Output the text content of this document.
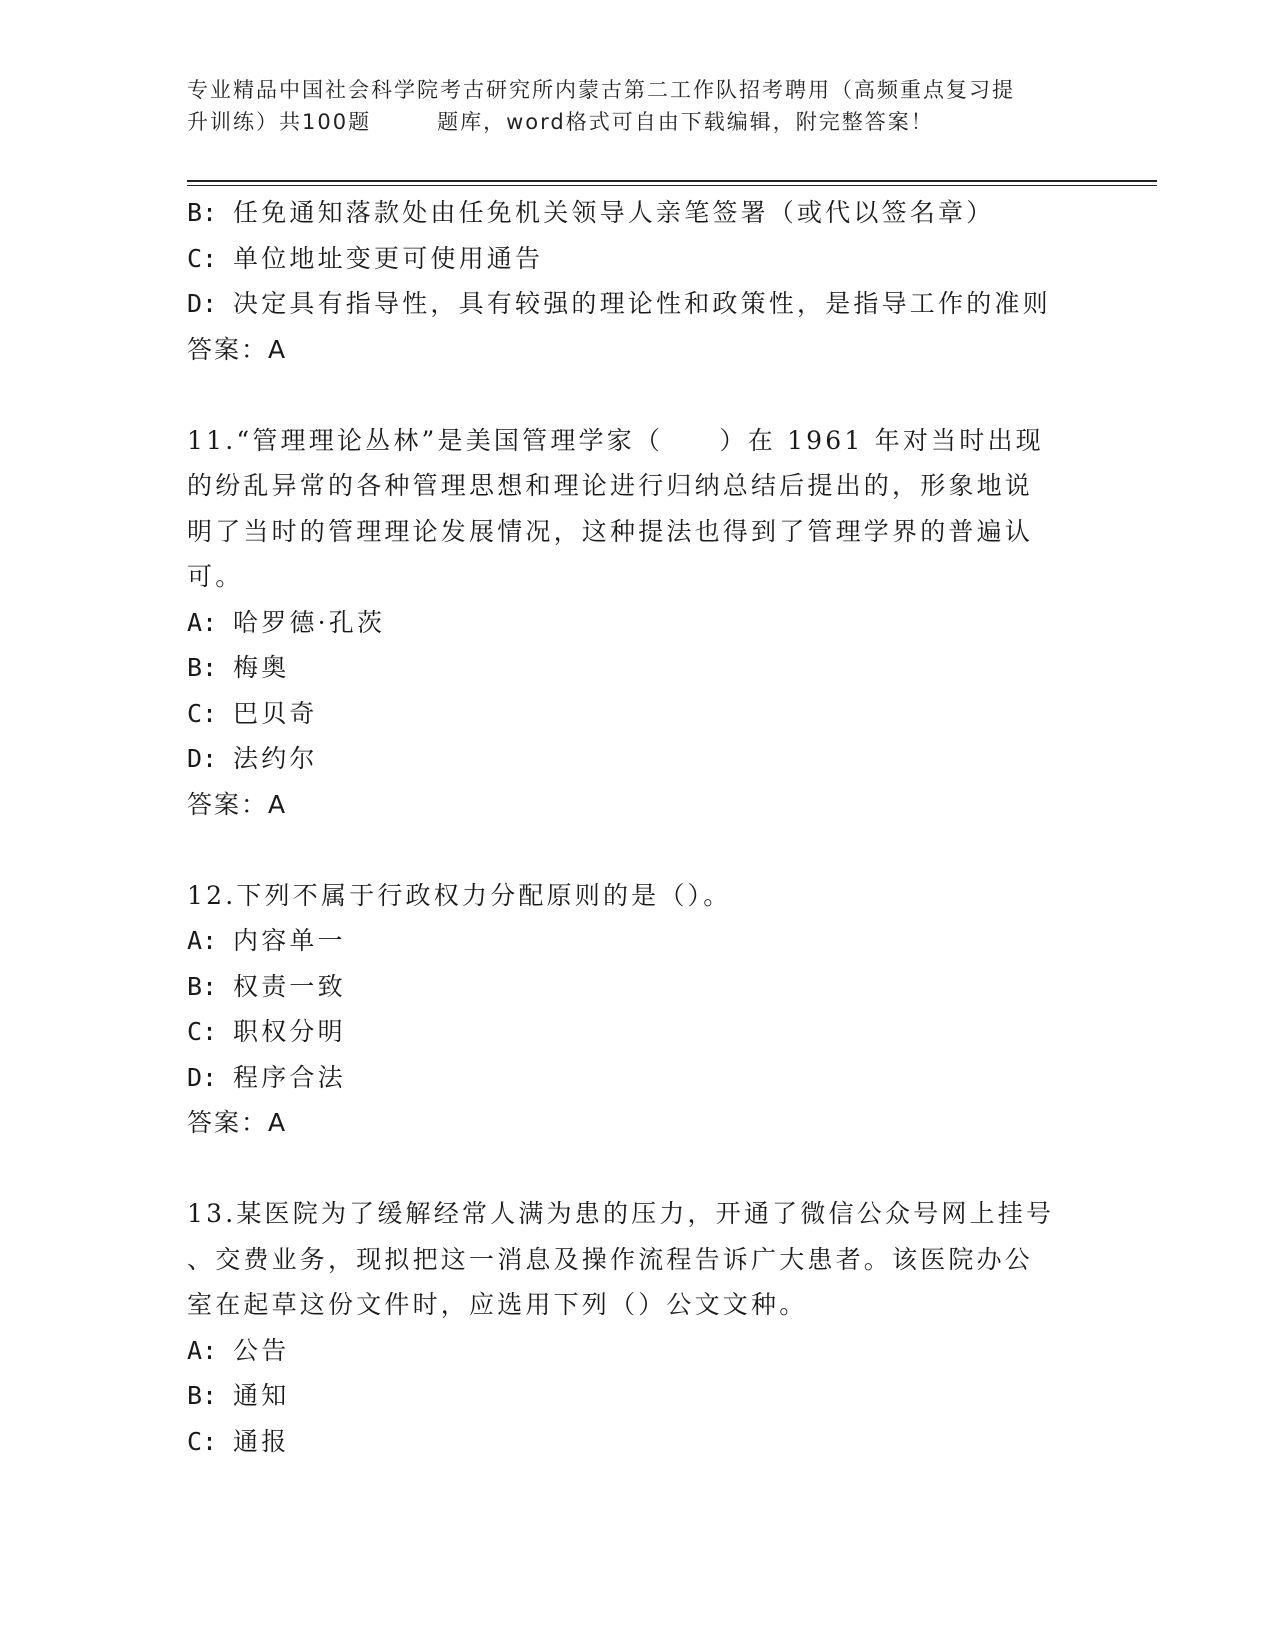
专业精品中国社会科学院考古研究所内蒙古第二工作队招考聘用（高频重点复习提
升训练）共100题	题库，word格式可自由下载编辑，附完整答案！
B: 任免通知落款处由任免机关领导人亲笔签署（或代以签名章）
C: 单位地址变更可使用通告
D: 决定具有指导性，具有较强的理论性和政策性，是指导工作的准则
答案：A
11.“管理理论丛林”是美国管理学家（　　）在 1961 年对当时出现
的纷乱异常的各种管理思想和理论进行归纳总结后提出的，形象地说
明了当时的管理理论发展情况，这种提法也得到了管理学界的普遍认
可。
A: 哈罗德·孔茨
B: 梅奥
C: 巴贝奇
D: 法约尔
答案：A
12.下列不属于行政权力分配原则的是（）。
A: 内容单一
B: 权责一致
C: 职权分明
D: 程序合法
答案：A
13.某医院为了缓解经常人满为患的压力，开通了微信公众号网上挂号
、交费业务，现拟把这一消息及操作流程告诉广大患者。该医院办公
室在起草这份文件时，应选用下列（）公文文种。
A: 公告
B: 通知
C: 通报
